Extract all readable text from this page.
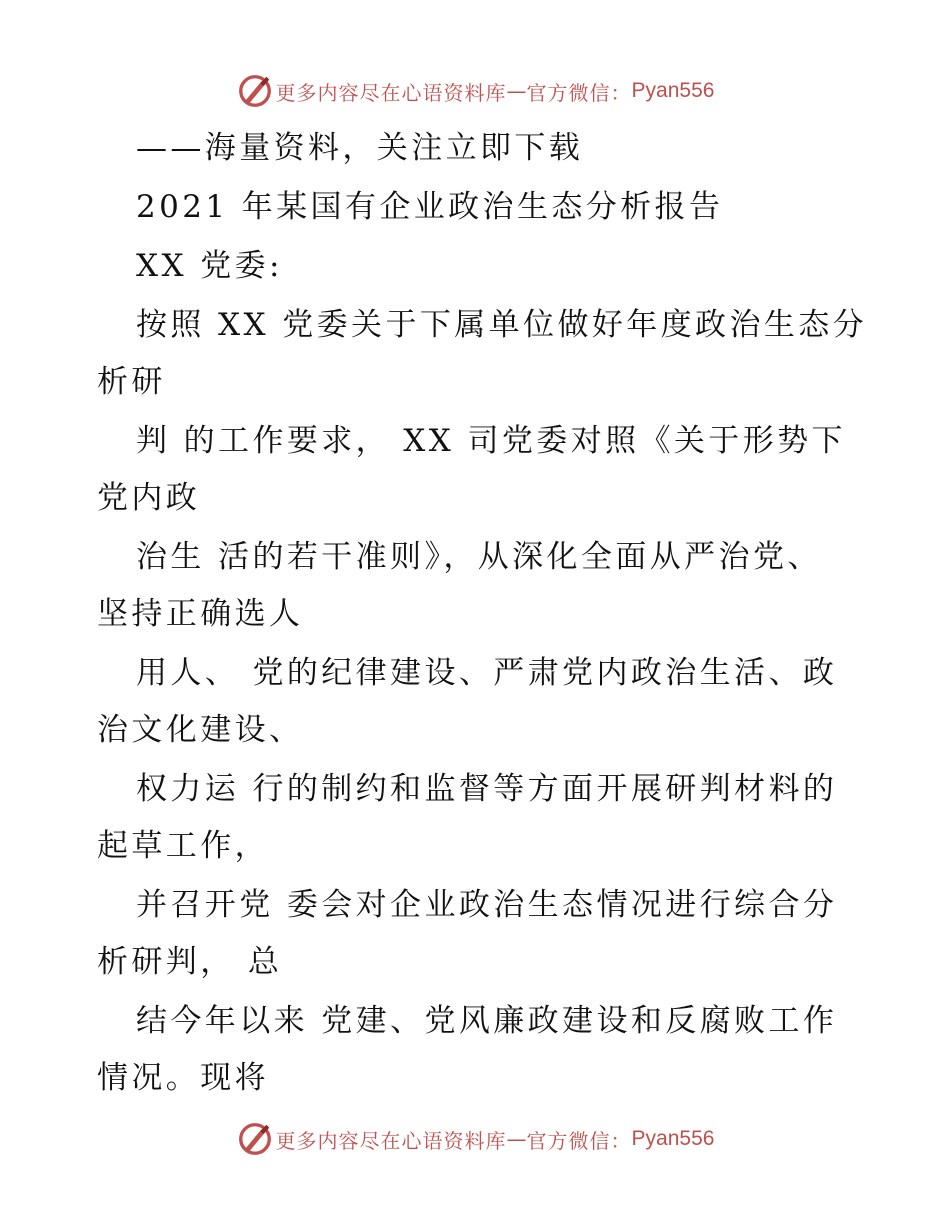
更多内容尽在心语资料库 — 官方微信： Pyan556
——海量资料，关注立即下载
2021 年某国有企业政治生态分析报告
XX 党委:
按照 XX 党委关于下属单位做好年度政治生态分
析研
判 的工作要求， XX 司党委对照《关于形势下
党内政
治生 活的若干准则》，从深化全面从严治党、
坚持正确选人
用人、 党的纪律建设、严肃党内政治生活、政
治文化建设、
权力运 行的制约和监督等方面开展研判材料的
起草工作，
并召开党 委会对企业政治生态情况进行综合分
析研判， 总
结今年以来 党建、党风廉政建设和反腐败工作
情况。现将
更多内容尽在心语资料库 — 官方微信： Pyan556
